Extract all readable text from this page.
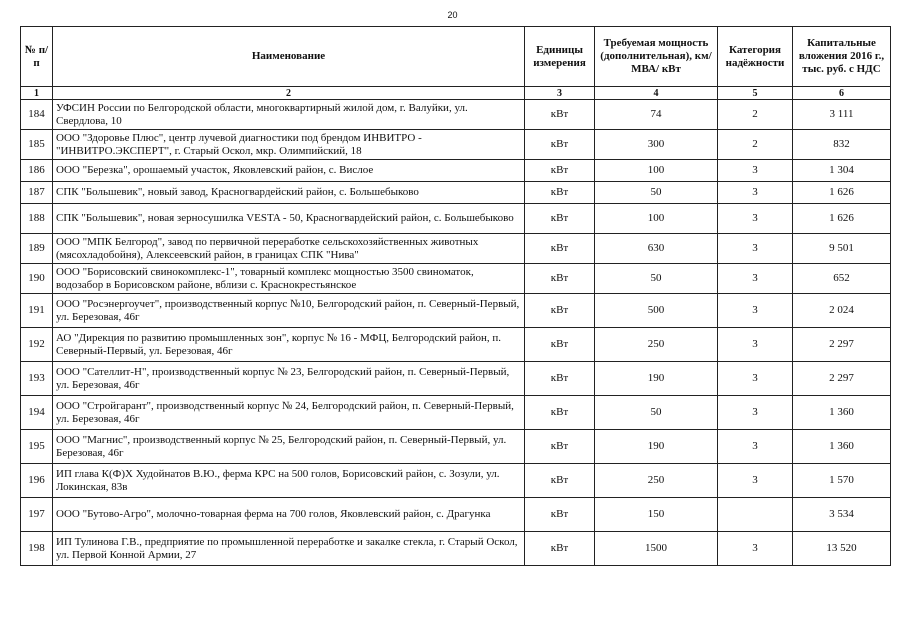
20
№ п/п	Наименование	Единицы измерения	Требуемая мощность (дополнительная), км/ МВА/ кВт	Категория надёжности	Капитальные вложения 2016 г., тыс. руб. с НДС
1	2	3	4	5	6
184	УФСИН России по Белгородской области, многоквартирный жилой дом, г. Валуйки, ул. Свердлова, 10	кВт	74	2	3 111
185	ООО "Здоровье Плюс", центр лучевой диагностики под брендом ИНВИТРО - "ИНВИТРО.ЭКСПЕРТ", г. Старый Оскол, мкр. Олимпийский, 18	кВт	300	2	832
186	ООО "Березка", орошаемый участок, Яковлевский район, с. Вислое	кВт	100	3	1 304
187	СПК "Большевик", новый завод, Красногвардейский район, с. Большебыково	кВт	50	3	1 626
188	СПК "Большевик", новая зерносушилка VESTA - 50, Красногвардейский район, с. Большебыково	кВт	100	3	1 626
189	ООО "МПК Белгород", завод по первичной переработке сельскохозяйственных животных (мясохладобойня), Алексеевский район, в границах СПК "Нива"	кВт	630	3	9 501
190	ООО "Борисовский свинокомплекс-1", товарный комплекс мощностью 3500 свиноматок, водозабор в Борисовском районе, вблизи с. Краснокрестьянское	кВт	50	3	652
191	ООО "Росэнергоучет", производственный корпус №10, Белгородский район, п. Северный-Первый, ул. Березовая, 46г	кВт	500	3	2 024
192	АО "Дирекция по развитию промышленных зон", корпус № 16 - МФЦ, Белгородский район, п. Северный-Первый, ул. Березовая, 46г	кВт	250	3	2 297
193	ООО "Сателлит-Н", производственный корпус № 23, Белгородский район, п. Северный-Первый, ул. Березовая, 46г	кВт	190	3	2 297
194	ООО "Стройгарант", производственный корпус № 24, Белгородский район, п. Северный-Первый, ул. Березовая, 46г	кВт	50	3	1 360
195	ООО "Магнис", производственный корпус № 25, Белгородский район, п. Северный-Первый, ул. Березовая, 46г	кВт	190	3	1 360
196	ИП глава К(Ф)Х Худойнатов В.Ю., ферма КРС на 500 голов, Борисовский район, с. Зозули, ул. Локинская, 83в	кВт	250	3	1 570
197	ООО "Бутово-Агро", молочно-товарная ферма на 700 голов, Яковлевский район, с. Драгунка	кВт	150		3 534
198	ИП Тулинова Г.В., предприятие по промышленной переработке и закалке стекла, г. Старый Оскол, ул. Первой Конной Армии, 27	кВт	1500	3	13 520
